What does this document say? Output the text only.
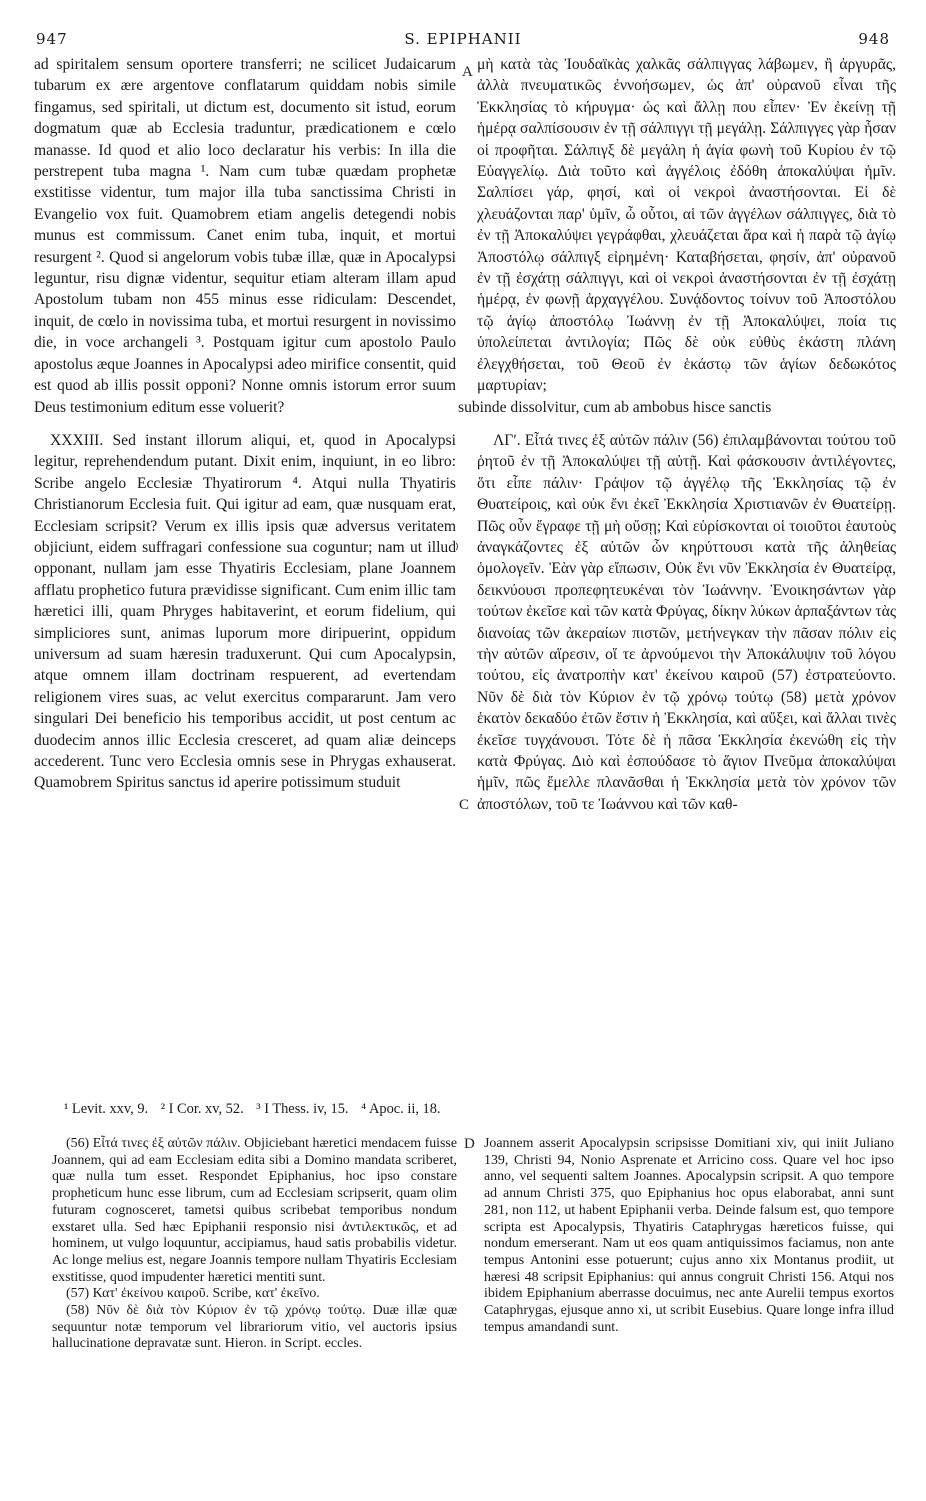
947	S. EPIPHANII	948
A
⁾
C
D

ad spiritalem sensum oportere transferri; ne scilicet Judaicarum tubarum ex ære argentove conflatarum quiddam nobis simile fingamus, sed spiritali, ut dictum est, documento sit istud, eorum dogmatum quæ ab Ecclesia traduntur, prædicationem e cœlo manasse. Id quod et alio loco declaratur his verbis: In illa die perstrepent tuba magna ¹. Nam cum tubæ quædam prophetæ exstitisse videntur, tum major illa tuba sanctissima Christi in Evangelio vox fuit. Quamobrem etiam angelis detegendi nobis munus est commissum. Canet enim tuba, inquit, et mortui resurgent ². Quod si angelorum vobis tubæ illæ, quæ in Apocalypsi leguntur, risu dignæ videntur, sequitur etiam alteram illam apud Apostolum tubam non 455 minus esse ridiculam: Descendet, inquit, de cœlo in novissima tuba, et mortui resurgent in novissimo die, in voce archangeli ³. Postquam igitur cum apostolo Paulo apostolus æque Joannes in Apocalypsi adeo mirifice consentit, quid est quod ab illis possit opponi? Nonne omnis istorum error suum Deus testimonium editum esse voluerit?

XXXIII. Sed instant illorum aliqui, et, quod in Apocalypsi legitur, reprehendendum putant. Dixit enim, inquiunt, in eo libro: Scribe angelo Ecclesiæ Thyatirorum ⁴. Atqui nulla Thyatiris Christianorum Ecclesia fuit. Qui igitur ad eam, quæ nusquam erat, Ecclesiam scripsit? Verum ex illis ipsis quæ adversus veritatem objiciunt, eidem suffragari confessione sua coguntur; nam ut illud opponant, nullam jam esse Thyatiris Ecclesiam, plane Joannem afflatu prophetico futura prævidisse significant. Cum enim illic tam hæretici illi, quam Phryges habitaverint, et eorum fidelium, qui simpliciores sunt, animas luporum more diripuerint, oppidum universum ad suam hæresin traduxerunt. Qui cum Apocalypsin, atque omnem illam doctrinam respuerent, ad evertendam religionem vires suas, ac velut exercitus compararunt. Jam vero singulari Dei beneficio his temporibus accidit, ut post centum ac duodecim annos illic Ecclesia cresceret, ad quam aliæ deinceps accederent. Tunc vero Ecclesia omnis sese in Phrygas exhauserat. Quamobrem Spiritus sanctus id aperire potissimum studuit

μὴ κατὰ τὰς Ἰουδαϊκὰς χαλκᾶς σάλπιγγας λάβωμεν, ἢ ἀργυρᾶς, ἀλλὰ πνευματικῶς ἐννοήσωμεν, ὡς ἀπ' οὐρανοῦ εἶναι τῆς Ἐκκλησίας τὸ κήρυγμα· ὡς καὶ ἄλλῃ που εἶπεν· Ἐν ἐκείνῃ τῇ ἡμέρᾳ σαλπίσουσιν ἐν τῇ σάλπιγγι τῇ μεγάλῃ. Σάλπιγγες γὰρ ἦσαν οἱ προφῆται. Σάλπιγξ δὲ μεγάλη ἡ ἁγία φωνὴ τοῦ Κυρίου ἐν τῷ Εὐαγγελίῳ. Διὰ τοῦτο καὶ ἀγγέλοις ἐδόθη ἀποκαλύψαι ἡμῖν. Σαλπίσει γάρ, φησί, καὶ οἱ νεκροὶ ἀναστήσονται. Εἰ δὲ χλευάζονται παρ' ὑμῖν, ὦ οὗτοι, αἱ τῶν ἀγγέλων σάλπιγγες, διὰ τὸ ἐν τῇ Ἀποκαλύψει γεγράφθαι, χλευάζεται ἄρα καὶ ἡ παρὰ τῷ ἁγίῳ Ἀποστόλῳ σάλπιγξ εἰρημένη· Καταβήσεται, φησίν, ἀπ' οὐρανοῦ ἐν τῇ ἐσχάτῃ σάλπιγγι, καὶ οἱ νεκροὶ ἀναστήσονται ἐν τῇ ἐσχάτῃ ἡμέρᾳ, ἐν φωνῇ ἀρχαγγέλου. Συνᾴδοντος τοίνυν τοῦ Ἀποστόλου τῷ ἁγίῳ ἀποστόλῳ Ἰωάννῃ ἐν τῇ Ἀποκαλύψει, ποία τις ὑπολείπεται ἀντιλογία; Πῶς δὲ οὐκ εὐθὺς ἑκάστη πλάνη ἐλεγχθήσεται, τοῦ Θεοῦ ἐν ἑκάστῳ τῶν ἁγίων δεδωκότος μαρτυρίαν;

subinde dissolvitur, cum ab ambobus hisce sanctis

ΛΓʹ. Εἶτά τινες ἐξ αὐτῶν πάλιν (56) ἐπιλαμβάνονται τούτου τοῦ ῥητοῦ ἐν τῇ Ἀποκαλύψει τῇ αὐτῇ. Καὶ φάσκουσιν ἀντιλέγοντες, ὅτι εἶπε πάλιν· Γράψον τῷ ἀγγέλῳ τῆς Ἐκκλησίας τῷ ἐν Θυατείροις, καὶ οὐκ ἔνι ἐκεῖ Ἐκκλησία Χριστιανῶν ἐν Θυατείρῃ. Πῶς οὖν ἔγραφε τῇ μὴ οὔσῃ; Καὶ εὑρίσκονται οἱ τοιοῦτοι ἑαυτοὺς ἀναγκάζοντες ἐξ αὐτῶν ὧν κηρύττουσι κατὰ τῆς ἀληθείας ὁμολογεῖν. Ἐὰν γὰρ εἴπωσιν, Οὐκ ἔνι νῦν Ἐκκλησία ἐν Θυατείρᾳ, δεικνύουσι προπεφητευκέναι τὸν Ἰωάννην. Ἐνοικησάντων γὰρ τούτων ἐκεῖσε καὶ τῶν κατὰ Φρύγας, δίκην λύκων ἁρπαξάντων τὰς διανοίας τῶν ἀκεραίων πιστῶν, μετήνεγκαν τὴν πᾶσαν πόλιν εἰς τὴν αὐτῶν αἵρεσιν, οἵ τε ἀρνούμενοι τὴν Ἀποκάλυψιν τοῦ λόγου τούτου, εἰς ἀνατροπὴν κατ' ἐκείνου καιροῦ (57) ἐστρατεύοντο. Νῦν δὲ διὰ τὸν Κύριον ἐν τῷ χρόνῳ τούτῳ (58) μετὰ χρόνον ἑκατὸν δεκαδύο ἐτῶν ἔστιν ἡ Ἐκκλησία, καὶ αὔξει, καὶ ἄλλαι τινὲς ἐκεῖσε τυγχάνουσι. Τότε δὲ ἡ πᾶσα Ἐκκλησία ἐκενώθη εἰς τὴν κατὰ Φρύγας. Διὸ καὶ ἐσπούδασε τὸ ἅγιον Πνεῦμα ἀποκαλύψαι ἡμῖν, πῶς ἔμελλε πλανᾶσθαι ἡ Ἐκκλησία μετὰ τὸν χρόνον τῶν ἀποστόλων, τοῦ τε Ἰωάννου καὶ τῶν καθ-

¹ Levit. xxv, 9. ² I Cor. xv, 52. ³ I Thess. iv, 15. ⁴ Apoc. ii, 18.

(56) Εἶτά τινες ἐξ αὐτῶν πάλιν. Objiciebant hæretici mendacem fuisse Joannem, qui ad eam Ecclesiam edita sibi a Domino mandata scriberet, quæ nulla tum esset. Respondet Epiphanius, hoc ipso constare propheticum hunc esse librum, cum ad Ecclesiam scripserit, quam olim futuram cognosceret, tametsi quibus scribebat temporibus nondum exstaret ulla. Sed hæc Epiphanii responsio nisi ἀντιλεκτικῶς, et ad hominem, ut vulgo loquuntur, accipiamus, haud satis probabilis videtur. Ac longe melius est, negare Joannis tempore nullam Thyatiris Ecclesiam exstitisse, quod impudenter hæretici mentiti sunt.

(57) Κατ' ἐκείνου καιροῦ. Scribe, κατ' ἐκεῖνο.

(58) Νῦν δὲ διὰ τὸν Κύριον ἐν τῷ χρόνῳ τούτῳ. Duæ illæ quæ sequuntur notæ temporum vel librariorum vitio, vel auctoris ipsius hallucinatione depravatæ sunt. Hieron. in Script. eccles.

Joannem asserit Apocalypsin scripsisse Domitiani xiv, qui iniit Juliano 139, Christi 94, Nonio Asprenate et Arricino coss. Quare vel hoc ipso anno, vel sequenti saltem Joannes. Apocalypsin scripsit. A quo tempore ad annum Christi 375, quo Epiphanius hoc opus elaborabat, anni sunt 281, non 112, ut habent Epiphanii verba. Deinde falsum est, quo tempore scripta est Apocalypsis, Thyatiris Cataphrygas hæreticos fuisse, qui nondum emerserant. Nam ut eos quam antiquissimos faciamus, non ante tempus Antonini esse potuerunt; cujus anno xix Montanus prodiit, ut hæresi 48 scripsit Epiphanius: qui annus congruit Christi 156. Atqui nos ibidem Epiphanium aberrasse docuimus, nec ante Aurelii tempus exortos Cataphrygas, ejusque anno xi, ut scribit Eusebius. Quare longe infra illud tempus amandandi sunt.
